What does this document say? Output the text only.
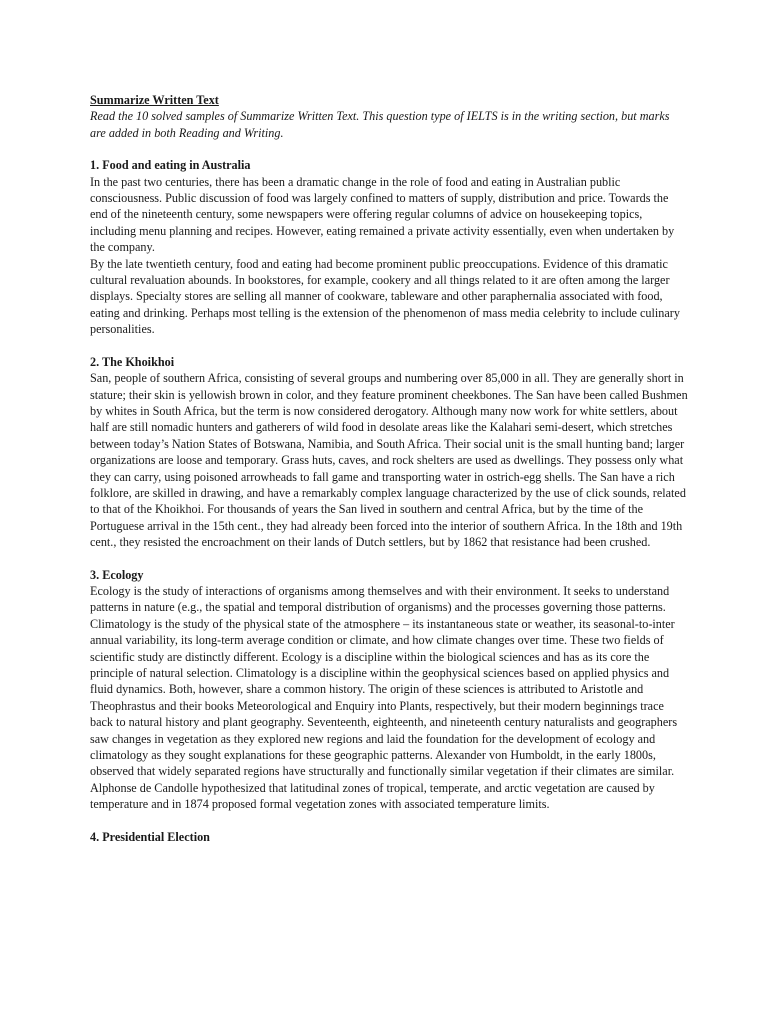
Summarize Written Text

Read the 10 solved samples of Summarize Written Text. This question type of IELTS is in the writing section, but marks are added in both Reading and Writing.

1. Food and eating in Australia

In the past two centuries, there has been a dramatic change in the role of food and eating in Australian public consciousness. Public discussion of food was largely confined to matters of supply, distribution and price. Towards the end of the nineteenth century, some newspapers were offering regular columns of advice on housekeeping topics, including menu planning and recipes. However, eating remained a private activity essentially, even when undertaken by the company.

By the late twentieth century, food and eating had become prominent public preoccupations. Evidence of this dramatic cultural revaluation abounds. In bookstores, for example, cookery and all things related to it are often among the larger displays. Specialty stores are selling all manner of cookware, tableware and other paraphernalia associated with food, eating and drinking. Perhaps most telling is the extension of the phenomenon of mass media celebrity to include culinary personalities.

2. The Khoikhoi

San, people of southern Africa, consisting of several groups and numbering over 85,000 in all. They are generally short in stature; their skin is yellowish brown in color, and they feature prominent cheekbones. The San have been called Bushmen by whites in South Africa, but the term is now considered derogatory. Although many now work for white settlers, about half are still nomadic hunters and gatherers of wild food in desolate areas like the Kalahari semi-desert, which stretches between today’s Nation States of Botswana, Namibia, and South Africa. Their social unit is the small hunting band; larger organizations are loose and temporary. Grass huts, caves, and rock shelters are used as dwellings. They possess only what they can carry, using poisoned arrowheads to fall game and transporting water in ostrich-egg shells. The San have a rich folklore, are skilled in drawing, and have a remarkably complex language characterized by the use of click sounds, related to that of the Khoikhoi. For thousands of years the San lived in southern and central Africa, but by the time of the Portuguese arrival in the 15th cent., they had already been forced into the interior of southern Africa. In the 18th and 19th cent., they resisted the encroachment on their lands of Dutch settlers, but by 1862 that resistance had been crushed.

3. Ecology

Ecology is the study of interactions of organisms among themselves and with their environment. It seeks to understand patterns in nature (e.g., the spatial and temporal distribution of organisms) and the processes governing those patterns. Climatology is the study of the physical state of the atmosphere – its instantaneous state or weather, its seasonal-to-inter annual variability, its long-term average condition or climate, and how climate changes over time. These two fields of scientific study are distinctly different. Ecology is a discipline within the biological sciences and has as its core the principle of natural selection. Climatology is a discipline within the geophysical sciences based on applied physics and fluid dynamics. Both, however, share a common history. The origin of these sciences is attributed to Aristotle and Theophrastus and their books Meteorological and Enquiry into Plants, respectively, but their modern beginnings trace back to natural history and plant geography. Seventeenth, eighteenth, and nineteenth century naturalists and geographers saw changes in vegetation as they explored new regions and laid the foundation for the development of ecology and climatology as they sought explanations for these geographic patterns. Alexander von Humboldt, in the early 1800s, observed that widely separated regions have structurally and functionally similar vegetation if their climates are similar. Alphonse de Candolle hypothesized that latitudinal zones of tropical, temperate, and arctic vegetation are caused by temperature and in 1874 proposed formal vegetation zones with associated temperature limits.

4. Presidential Election
